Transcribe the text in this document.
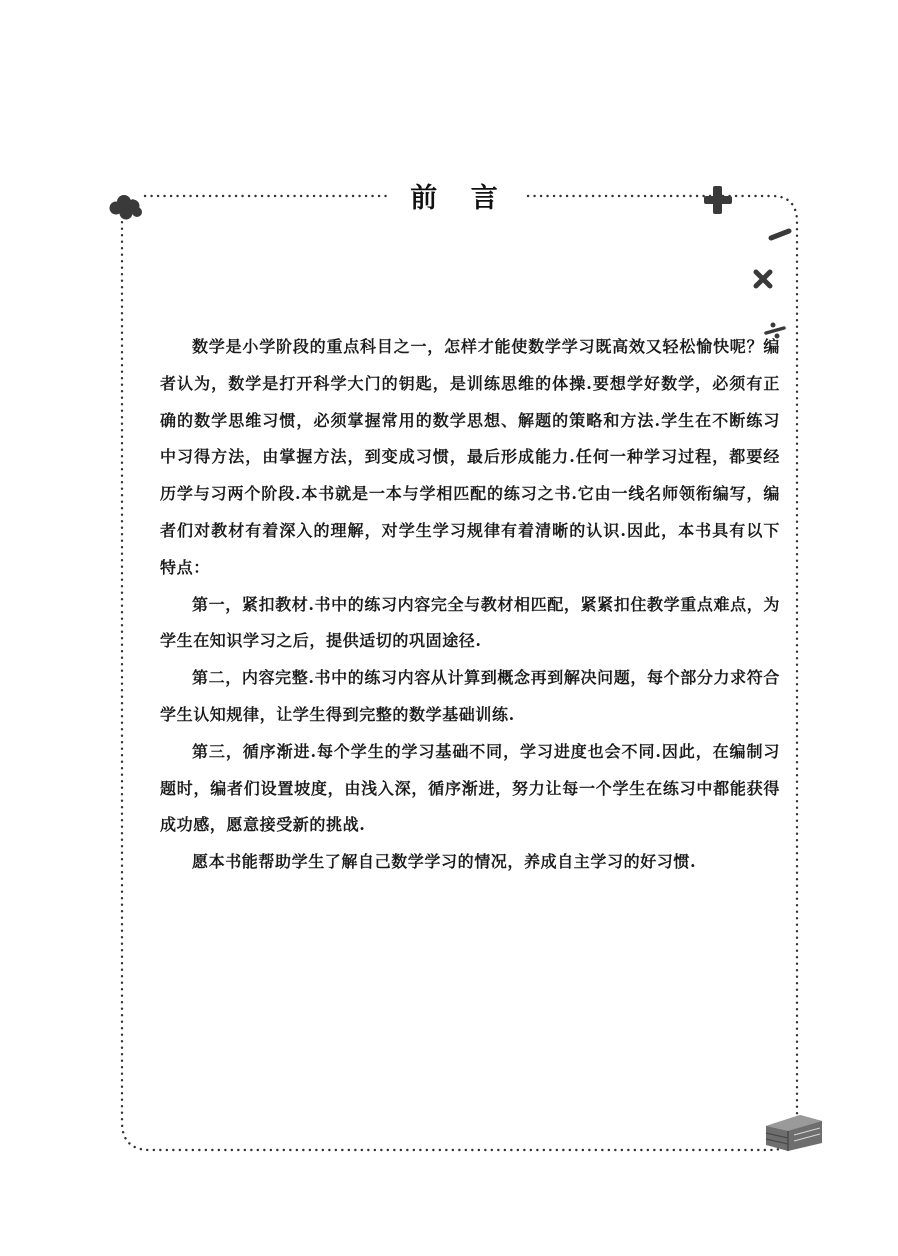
前 言

数学是小学阶段的重点科目之一，怎样才能使数学学习既高效又轻松愉快呢？编者认为，数学是打开科学大门的钥匙，是训练思维的体操.要想学好数学，必须有正确的数学思维习惯，必须掌握常用的数学思想、解题的策略和方法.学生在不断练习中习得方法，由掌握方法，到变成习惯，最后形成能力.任何一种学习过程，都要经历学与习两个阶段.本书就是一本与学相匹配的练习之书.它由一线名师领衔编写，编者们对教材有着深入的理解，对学生学习规律有着清晰的认识.因此，本书具有以下特点：

第一，紧扣教材.书中的练习内容完全与教材相匹配，紧紧扣住教学重点难点，为学生在知识学习之后，提供适切的巩固途径.

第二，内容完整.书中的练习内容从计算到概念再到解决问题，每个部分力求符合学生认知规律，让学生得到完整的数学基础训练.

第三，循序渐进.每个学生的学习基础不同，学习进度也会不同.因此，在编制习题时，编者们设置坡度，由浅入深，循序渐进，努力让每一个学生在练习中都能获得成功感，愿意接受新的挑战.

愿本书能帮助学生了解自己数学学习的情况，养成自主学习的好习惯.
